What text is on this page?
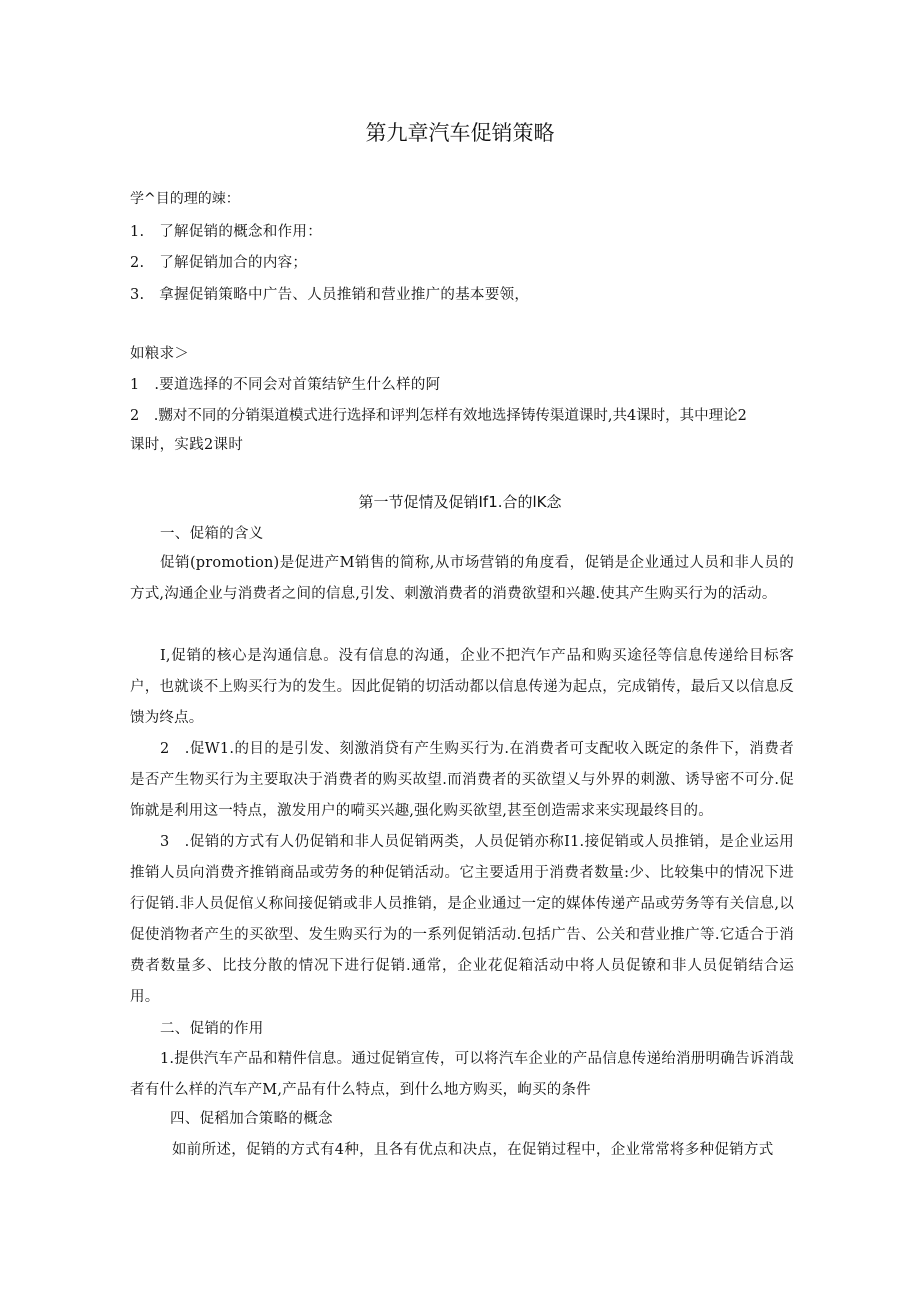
第九章汽车促销策略
学^目的理的竦：
1.　了解促销的概念和作用：
2.　了解促销加合的内容；
3.　拿握促销策略中广告、人员推销和营业推广的基本要领，
如粮求＞
1　.要道选择的不同会对首策结铲生什么样的阿
2　.嬲对不同的分销渠道模式进行选择和评判怎样有效地选择铸传渠道课时,共4课时，其中理论2
课时，实践2课时
第一节促情及促销If1.合的lK念
一、促箱的含义
促销(promotion)是促进产M销售的简称,从市场营销的角度看，促销是企业通过人员和非人员的方式,沟通企业与消费者之间的信息,引发、刺激消费者的消费欲望和兴趣.使其产生购买行为的活动。
I,促销的核心是沟通信息。没有信息的沟通，企业不把汽乍产品和购买途径等信息传递给目标客户，也就谈不上购买行为的发生。因此促销的切活动都以信息传递为起点，完成销传，最后又以信息反馈为终点。
2　.促W1.的目的是引发、刻激消贷有产生购买行为.在消费者可支配收入既定的条件下，消费者是否产生物买行为主要取决于消费者的购买故望.而消费者的买欲望乂与外界的刺激、诱导密不可分.促饰就是利用这一特点，激发用户的嗬买兴趣,强化购买欲望,甚至创造需求来实现最终目的。
3　.促销的方式有人仍促销和非人员促销两类，人员促销亦称I1.接促销或人员推销，是企业运用推销人员向消费齐推销商品或劳务的种促销活动。它主要适用于消费者数量:少、比较集中的情况下进行促销.非人员促倌乂称间接促销或非人员推销，是企业通过一定的媒体传递产品或劳务等有关信息,以促使消物者产生的买欲型、发生购买行为的一系列促销活动.包括广告、公关和营业推广等.它适合于消费者数量多、比技分散的情况下进行促销.通常，企业花促箱活动中将人员促镣和非人员促销结合运用。
二、促销的作用
1.提供汽车产品和精件信息。通过促销宣传，可以将汽车企业的产品信息传递绐消册明确告诉消哉者有什么样的汽车产M,产品有什么特点，到什么地方购买，岣买的条件
四、促稻加合策略的概念
如前所述，促销的方式有4种，且各有优点和决点，在促销过程中，企业常常将多种促销方式
